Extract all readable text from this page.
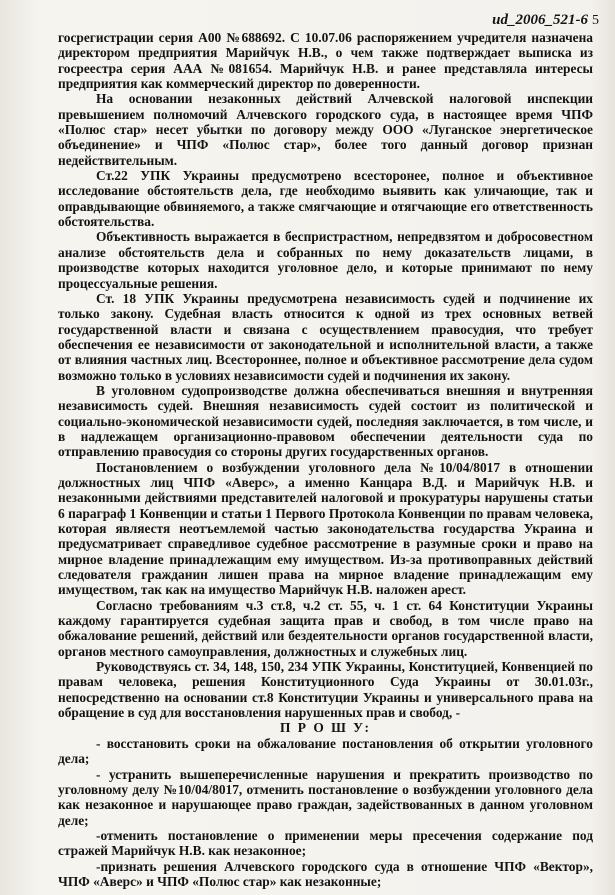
ud_2006_521-6 5

госрегистрации серия А00 №688692. С 10.07.06 распоряжением учредителя назначена директором предприятия Марийчук Н.В., о чем также подтверждает выписка из госреестра серия ААА №081654. Марийчук Н.В. и ранее представляла интересы предприятия как коммерческий директор по доверенности.

На основании незаконных действий Алчевской налоговой инспекции превышением полномочий Алчевского городского суда, в настоящее время ЧПФ «Полюс стар» несет убытки по договору между ООО «Луганское энергетическое объединение» и ЧПФ «Полюс стар», более того данный договор признан недействительным.

Ст.22 УПК Украины предусмотрено всесторонее, полное и объективное исследование обстоятельств дела, где необходимо выявить как уличающие, так и оправдывающие обвиняемого, а также смягчающие и отягчающие его ответственность обстоятельства.

Объективность выражается в беспристрастном, непредвзятом и добросовестном анализе обстоятельств дела и собранных по нему доказательств лицами, в производстве которых находится уголовное дело, и которые принимают по нему процессуальные решения.

Ст. 18 УПК Украины предусмотрена независимость судей и подчинение их только закону. Судебная власть относится к одной из трех основных ветвей государственной власти и связана с осуществлением правосудия, что требует обеспечения ее независимости от законодательной и исполнительной власти, а также от влияния частных лиц. Всестороннее, полное и объективное рассмотрение дела судом возможно только в условиях независимости судей и подчинения их закону.

В уголовном судопроизводстве должна обеспечиваться внешняя и внутренняя независимость судей. Внешняя независимость судей состоит из политической и социально-экономической независимости судей, последняя заключается, в том числе, и в надлежащем организационно-правовом обеспечении деятельности суда по отправлению правосудия со стороны других государственных органов.

Постановлением о возбуждении уголовного дела №10/04/8017 в отношении должностных лиц ЧПФ «Аверс», а именно Канцара В.Д. и Марийчук Н.В. и незаконными действиями представителей налоговой и прокуратуры нарушены статьи 6 параграф 1 Конвенции и статьи 1 Первого Протокола Конвенции по правам человека, которая являестя неотъемлемой частью законодательства государства Украина и предусматривает справедливое судебное рассмотрение в разумные сроки и право на мирное владение принадлежащим ему имуществом. Из-за противоправных действий следователя гражданин лишен права на мирное владение принадлежащим ему имуществом, так как на имущество Марийчук Н.В. наложен арест.

Согласно требованиям ч.3 ст.8, ч.2 ст. 55, ч. 1 ст. 64 Конституции Украины каждому гарантируется судебная защита прав и свобод, в том числе право на обжалование решений, действий или бездеятельности органов государственной власти, органов местного самоуправления, должностных и служебных лиц.

Руководствуясь ст. 34, 148, 150, 234 УПК Украины, Конституцией, Конвенцией по правам человека, решения Конституционного Суда Украины от 30.01.03г., непосредственно на основании ст.8 Конституции Украины и универсального права на обращение в суд для восстановления нарушенных прав и свобод, -

П Р О Ш У:

- восстановить сроки на обжалование постановления об открытии уголовного дела;

- устранить вышеперечисленные нарушения и прекратить производство по уголовному делу №10/04/8017, отменить постановление о возбуждении уголовного дела как незаконное и нарушающее право граждан, задействованных в данном уголовном деле;

-отменить постановление о применении меры пресечения содержание под стражей Марийчук Н.В. как незаконное;

-признать решения Алчевского городского суда в отношение ЧПФ «Вектор», ЧПФ «Аверс» и ЧПФ «Полюс стар» как незаконные;
